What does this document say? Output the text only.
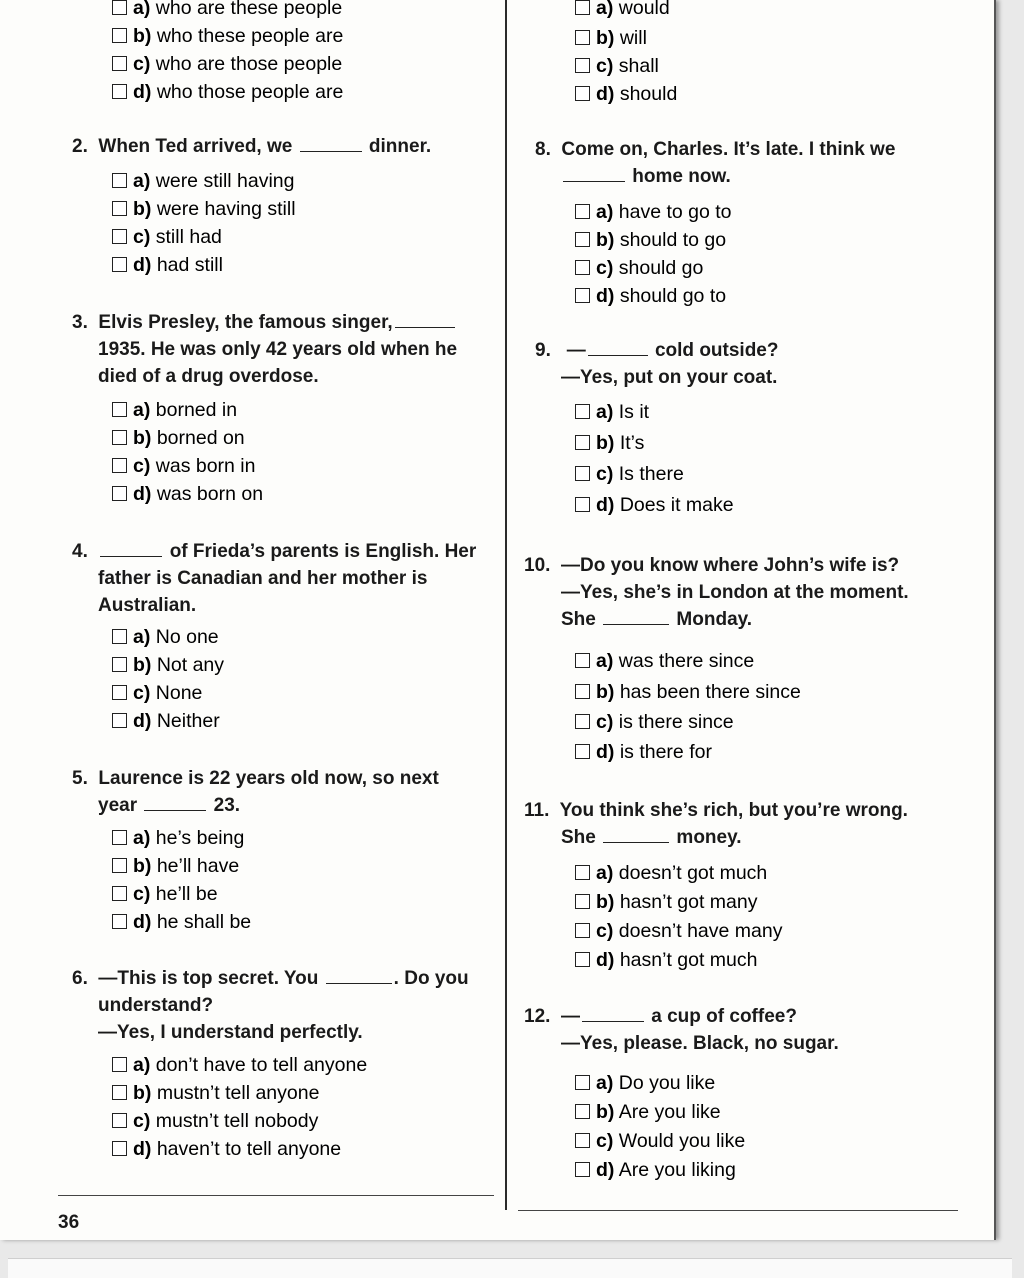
a) who are these people
b) who these people are
c) who are those people
d) who those people are
2. When Ted arrived, we	dinner.
a) were still having
b) were having still
c) still had
d) had still
3. Elvis Presley, the famous singer,
1935. He was only 42 years old when he
died of a drug overdose.
a) borned in
b) borned on
c) was born in
d) was born on
4.	of Frieda’s parents is English. Her
father is Canadian and her mother is
Australian.
a) No one
b) Not any
c) None
d) Neither
5. Laurence is 22 years old now, so next
year	23.
a) he’s being
b) he’ll have
c) he’ll be
d) he shall be
6. —This is top secret. You	. Do you
understand?
—Yes, I understand perfectly.
a) don’t have to tell anyone
b) mustn’t tell anyone
c) mustn’t tell nobody
d) haven’t to tell anyone
a) would
b) will
c) shall
d) should
8. Come on, Charles. It’s late. I think we
home now.
a) have to go to
b) should to go
c) should go
d) should go to
9. —	cold outside?
—Yes, put on your coat.
a) Is it
b) It’s
c) Is there
d) Does it make
10. —Do you know where John’s wife is?
—Yes, she’s in London at the moment.
She	Monday.
a) was there since
b) has been there since
c) is there since
d) is there for
11. You think she’s rich, but you’re wrong.
She	money.
a) doesn’t got much
b) hasn’t got many
c) doesn’t have many
d) hasn’t got much
12. —	a cup of coffee?
—Yes, please. Black, no sugar.
a) Do you like
b) Are you like
c) Would you like
d) Are you liking
36
